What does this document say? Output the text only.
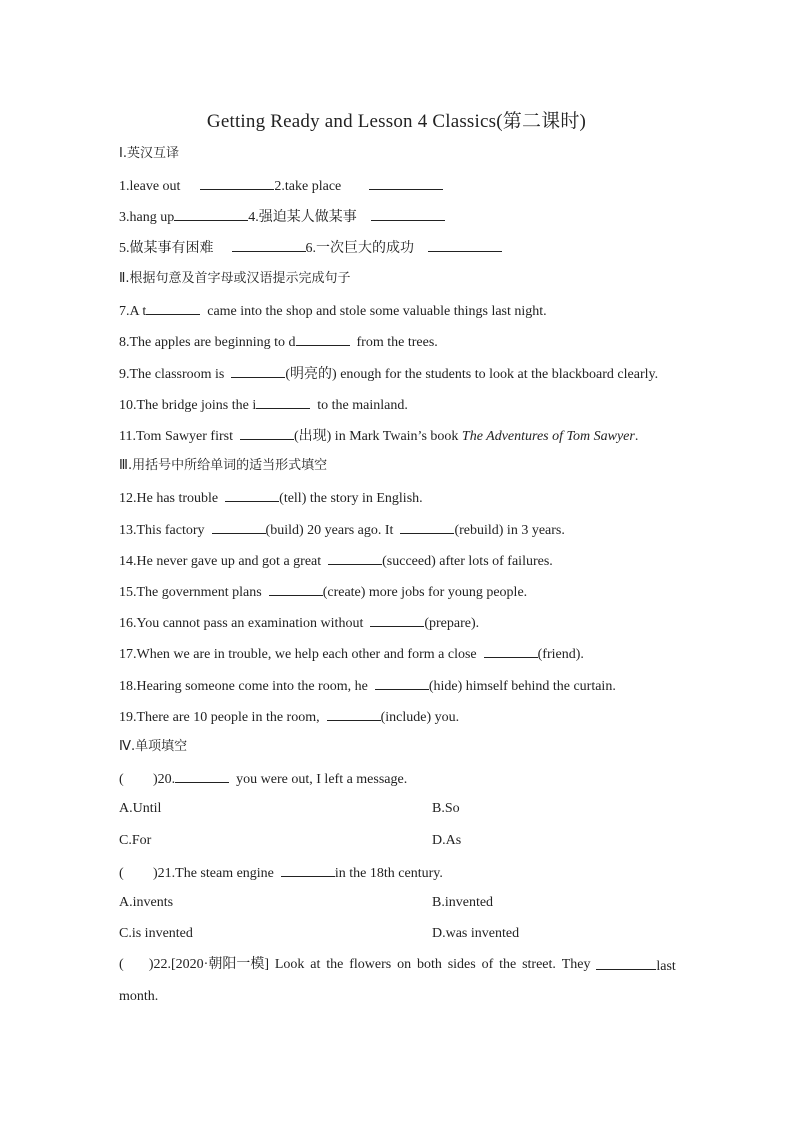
Getting Ready and Lesson 4 Classics(第二课时)
Ⅰ.英汉互译
1.leave out	2.take place
3.hang up	4.强迫某人做某事
5.做某事有困难	6.一次巨大的成功
Ⅱ.根据句意及首字母或汉语提示完成句子
7.A t	came into the shop and stole some valuable things last night.
8.The apples are beginning to d	from the trees.
9.The classroom is	(明亮的) enough for the students to look at the blackboard clearly.
10.The bridge joins the i	to the mainland.
11.Tom Sawyer first	(出现) in Mark Twain’s book The Adventures of Tom Sawyer.
Ⅲ.用括号中所给单词的适当形式填空
12.He has trouble	(tell) the story in English.
13.This factory	(build) 20 years ago. It	(rebuild) in 3 years.
14.He never gave up and got a great	(succeed) after lots of failures.
15.The government plans	(create) more jobs for young people.
16.You cannot pass an examination without	(prepare).
17.When we are in trouble, we help each other and form a close	(friend).
18.Hearing someone come into the room, he	(hide) himself behind the curtain.
19.There are 10 people in the room,	(include) you.
Ⅳ.单项填空
( )20.	you were out, I left a message.
A.Until	B.So
C.For	D.As
( )21.The steam engine	in the 18th century.
A.invents	B.invented
C.is invented	D.was invented
(	)22.[2020·朝阳一模] Look at the flowers on both sides of the street. They	last
month.
